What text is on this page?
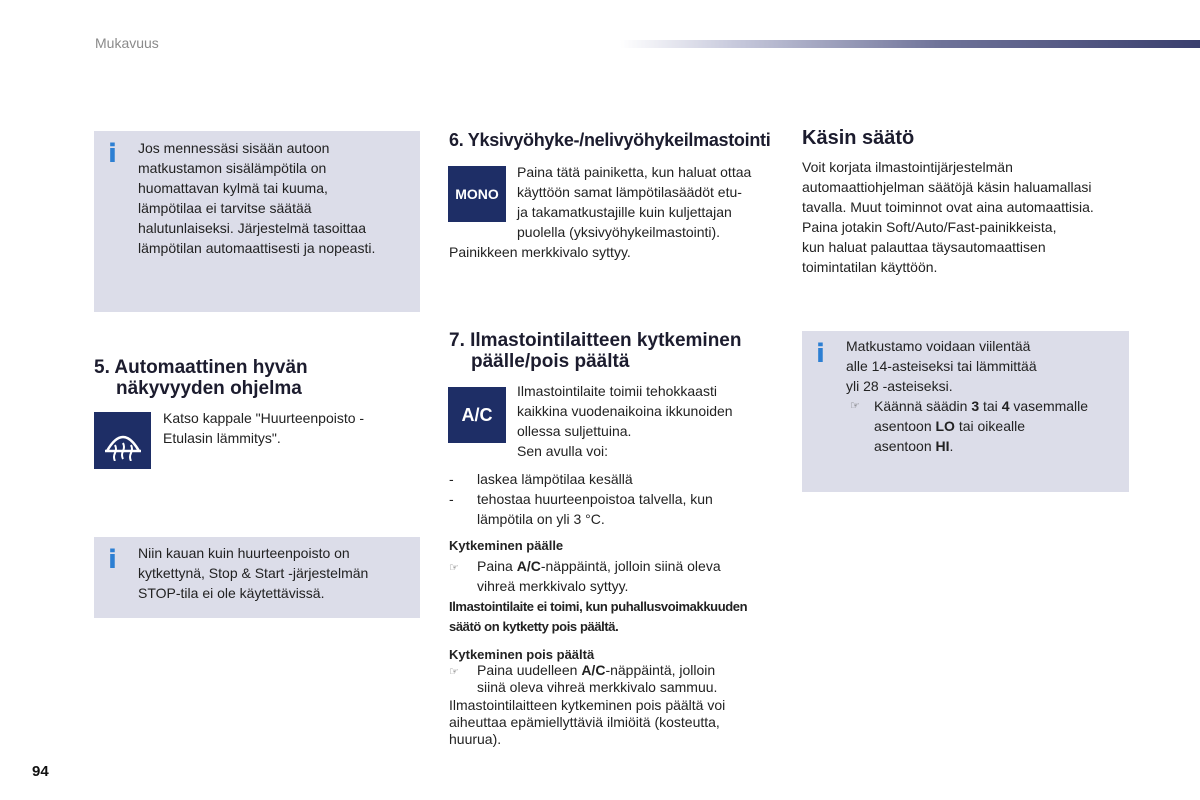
Mukavuus
i Jos mennessäsi sisään autoon
matkustamon sisälämpötila on
huomattavan kylmä tai kuuma,
lämpötilaa ei tarvitse säätää
halutunlaiseksi. Järjestelmä tasoittaa
lämpötilan automaattisesti ja nopeasti.
5. Automaattinen hyvän
näkyvyyden ohjelma
Katso kappale "Huurteenpoisto -
Etulasin lämmitys".
i Niin kauan kuin huurteenpoisto on
kytkettynä, Stop & Start -järjestelmän
STOP-tila ei ole käytettävissä.
6. Yksivyöhyke-/nelivyöhykeilmastointi
MONO
Paina tätä painiketta, kun haluat ottaa
käyttöön samat lämpötilasäädöt etu-
ja takamatkustajille kuin kuljettajan
puolella (yksivyöhykeilmastointi).
Painikkeen merkkivalo syttyy.
7. Ilmastointilaitteen kytkeminen
päälle/pois päältä
A/C
Ilmastointilaite toimii tehokkaasti
kaikkina vuodenaikoina ikkunoiden
ollessa suljettuina.
Sen avulla voi:
- laskea lämpötilaa kesällä
- tehostaa huurteenpoistoa talvella, kun
lämpötila on yli 3 °C.
Kytkeminen päälle
☞ Paina A/C-näppäintä, jolloin siinä oleva
vihreä merkkivalo syttyy.
Ilmastointilaite ei toimi, kun puhallusvoimakkuuden
säätö on kytketty pois päältä.
Kytkeminen pois päältä
☞ Paina uudelleen A/C-näppäintä, jolloin
siinä oleva vihreä merkkivalo sammuu.
Ilmastointilaitteen kytkeminen pois päältä voi
aiheuttaa epämiellyttäviä ilmiöitä (kosteutta,
huurua).
Käsin säätö
Voit korjata ilmastointijärjestelmän
automaattiohjelman säätöjä käsin haluamallasi
tavalla. Muut toiminnot ovat aina automaattisia.
Paina jotakin Soft/Auto/Fast-painikkeista,
kun haluat palauttaa täysautomaattisen
toimintatilan käyttöön.
i Matkustamo voidaan viilentää
alle 14-asteiseksi tai lämmittää
yli 28 -asteiseksi.
☞ Käännä säädin 3 tai 4 vasemmalle
asentoon LO tai oikealle
asentoon HI.
94
